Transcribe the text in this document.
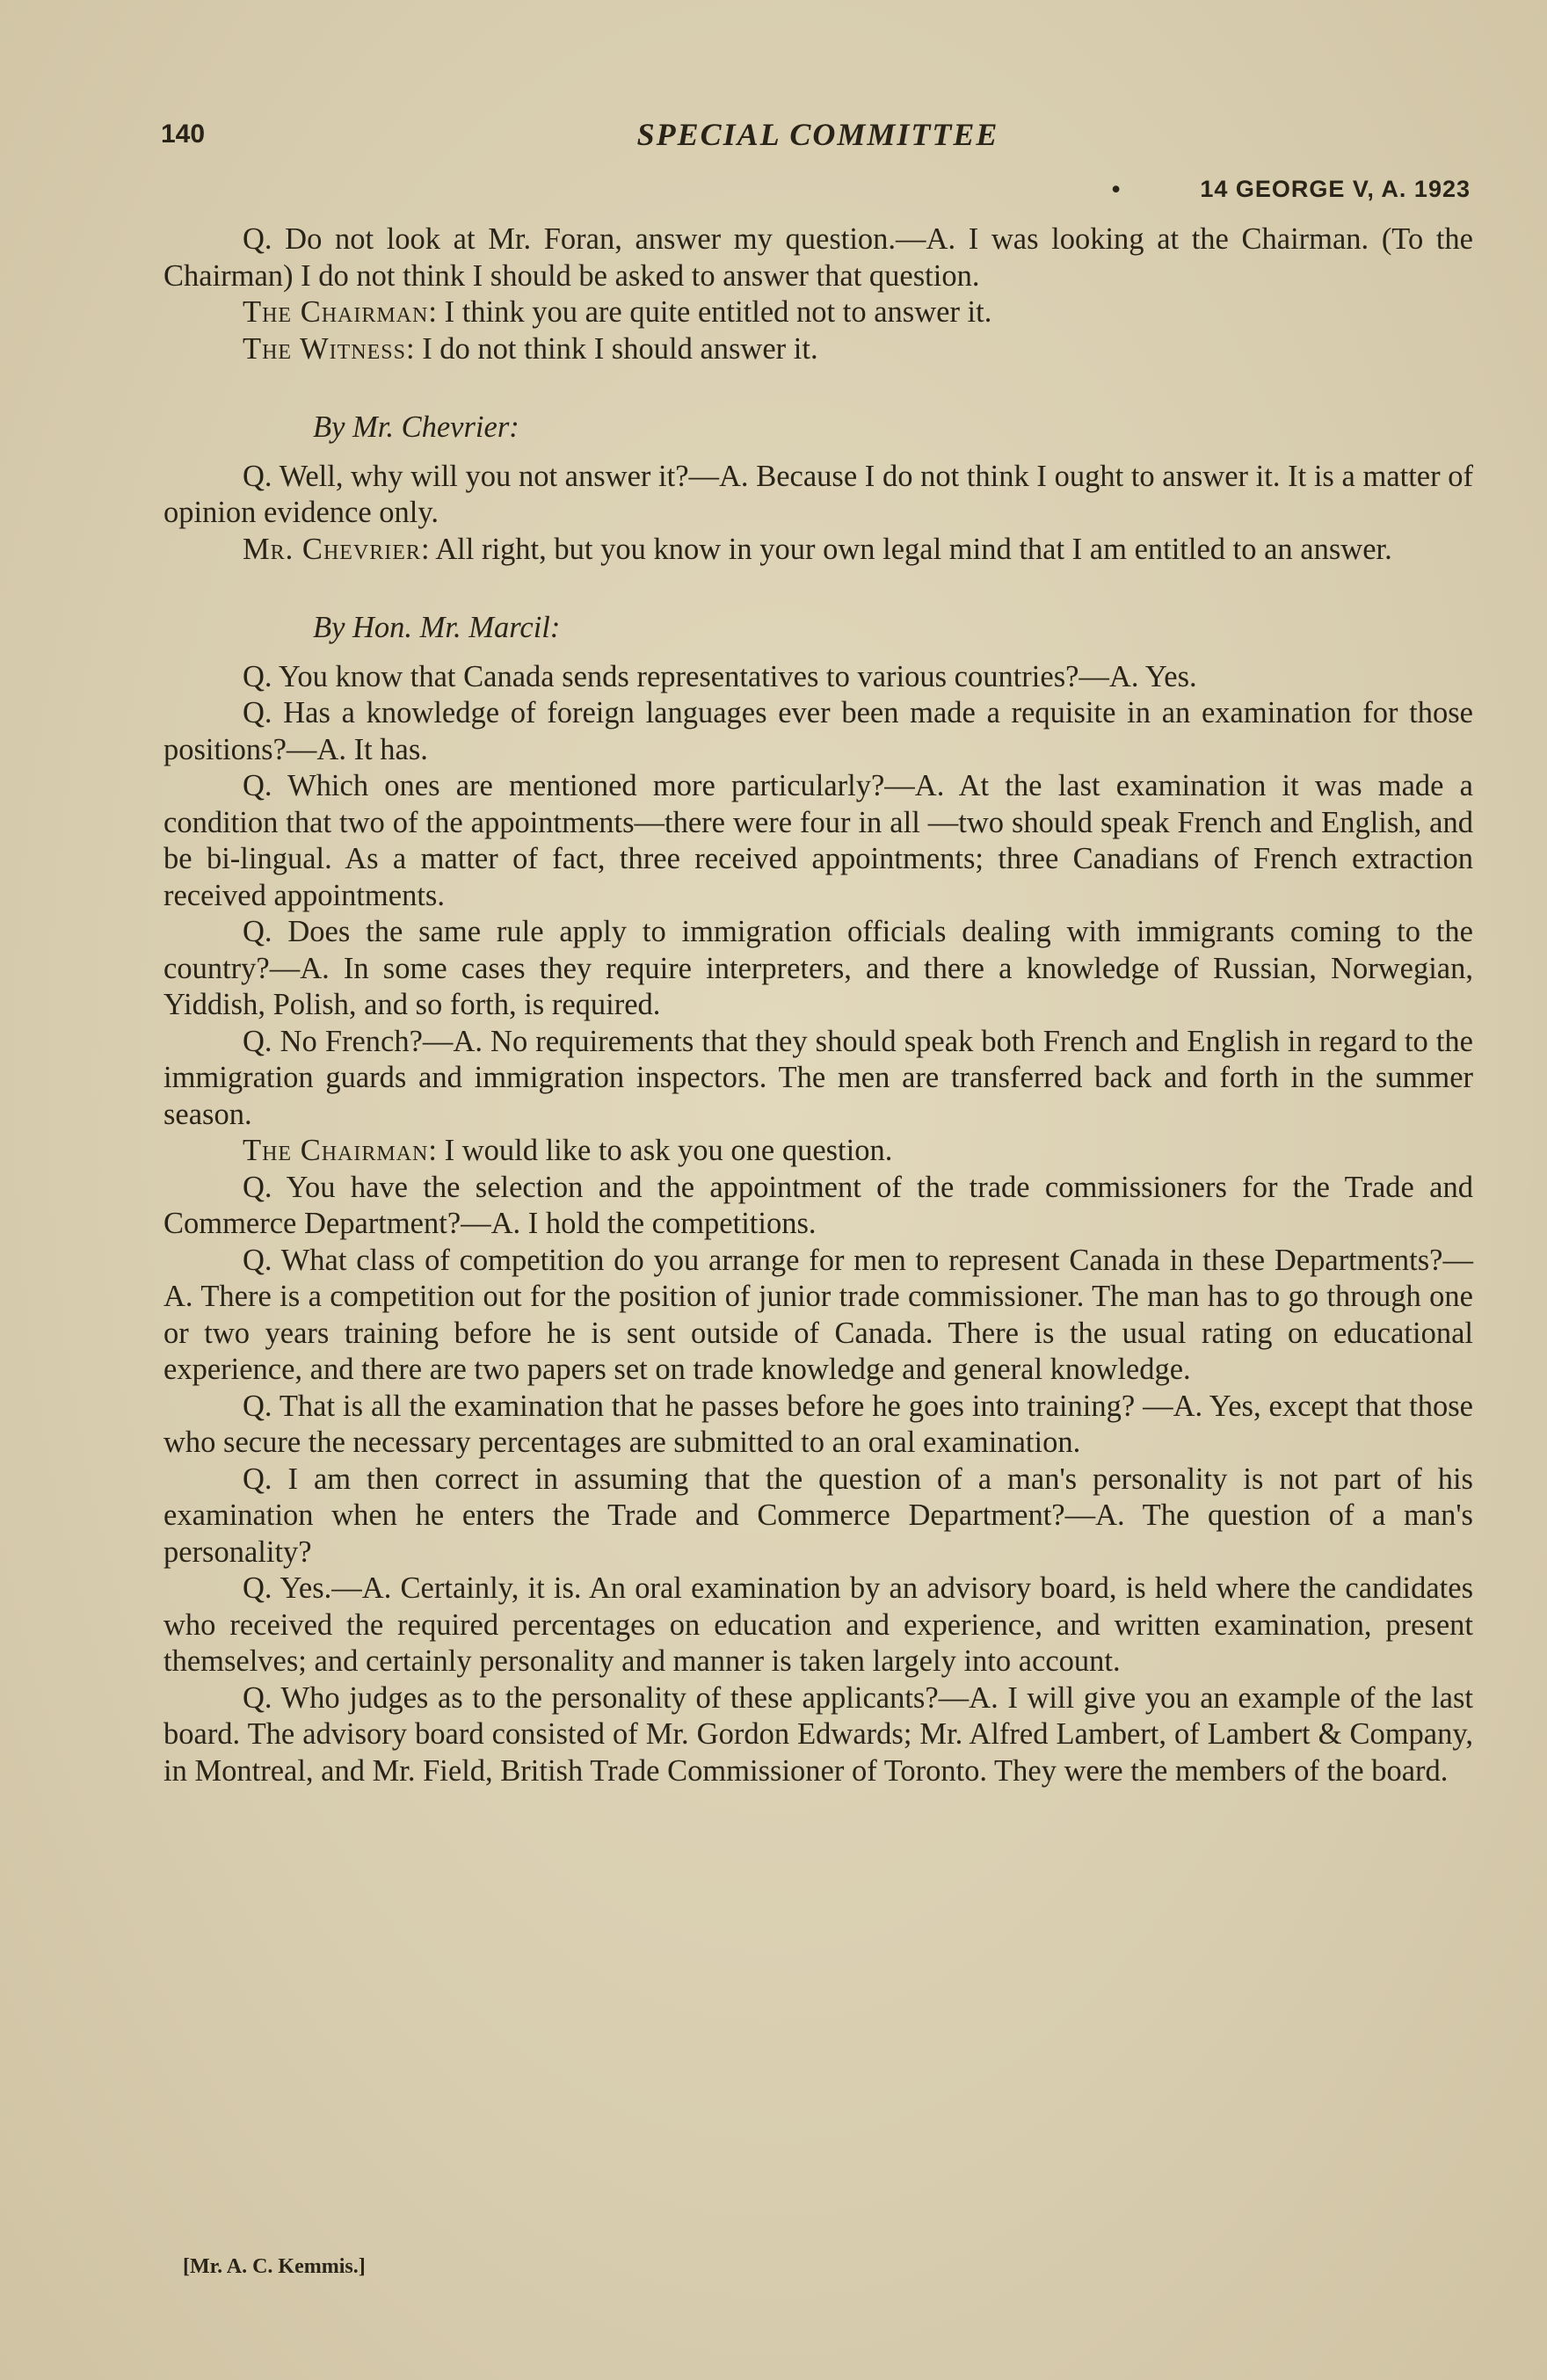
140	SPECIAL COMMITTEE
•	14 GEORGE V, A. 1923

Q. Do not look at Mr. Foran, answer my question.—A. I was looking at the Chairman. (To the Chairman) I do not think I should be asked to answer that question.

The Chairman: I think you are quite entitled not to answer it.

The Witness: I do not think I should answer it.

By Mr. Chevrier:

Q. Well, why will you not answer it?—A. Because I do not think I ought to answer it. It is a matter of opinion evidence only.

Mr. Chevrier: All right, but you know in your own legal mind that I am entitled to an answer.

By Hon. Mr. Marcil:

Q. You know that Canada sends representatives to various countries?—A. Yes.

Q. Has a knowledge of foreign languages ever been made a requisite in an examination for those positions?—A. It has.

Q. Which ones are mentioned more particularly?—A. At the last examination it was made a condition that two of the appointments—there were four in all —two should speak French and English, and be bi-lingual. As a matter of fact, three received appointments; three Canadians of French extraction received appointments.

Q. Does the same rule apply to immigration officials dealing with immigrants coming to the country?—A. In some cases they require interpreters, and there a knowledge of Russian, Norwegian, Yiddish, Polish, and so forth, is required.

Q. No French?—A. No requirements that they should speak both French and English in regard to the immigration guards and immigration inspectors. The men are transferred back and forth in the summer season.

The Chairman: I would like to ask you one question.

Q. You have the selection and the appointment of the trade commissioners for the Trade and Commerce Department?—A. I hold the competitions.

Q. What class of competition do you arrange for men to represent Canada in these Departments?—A. There is a competition out for the position of junior trade commissioner. The man has to go through one or two years training before he is sent outside of Canada. There is the usual rating on educational experience, and there are two papers set on trade knowledge and general knowledge.

Q. That is all the examination that he passes before he goes into training? —A. Yes, except that those who secure the necessary percentages are submitted to an oral examination.

Q. I am then correct in assuming that the question of a man's personality is not part of his examination when he enters the Trade and Commerce Department?—A. The question of a man's personality?

Q. Yes.—A. Certainly, it is. An oral examination by an advisory board, is held where the candidates who received the required percentages on education and experience, and written examination, present themselves; and certainly personality and manner is taken largely into account.

Q. Who judges as to the personality of these applicants?—A. I will give you an example of the last board. The advisory board consisted of Mr. Gordon Edwards; Mr. Alfred Lambert, of Lambert & Company, in Montreal, and Mr. Field, British Trade Commissioner of Toronto. They were the members of the board.

[Mr. A. C. Kemmis.]
